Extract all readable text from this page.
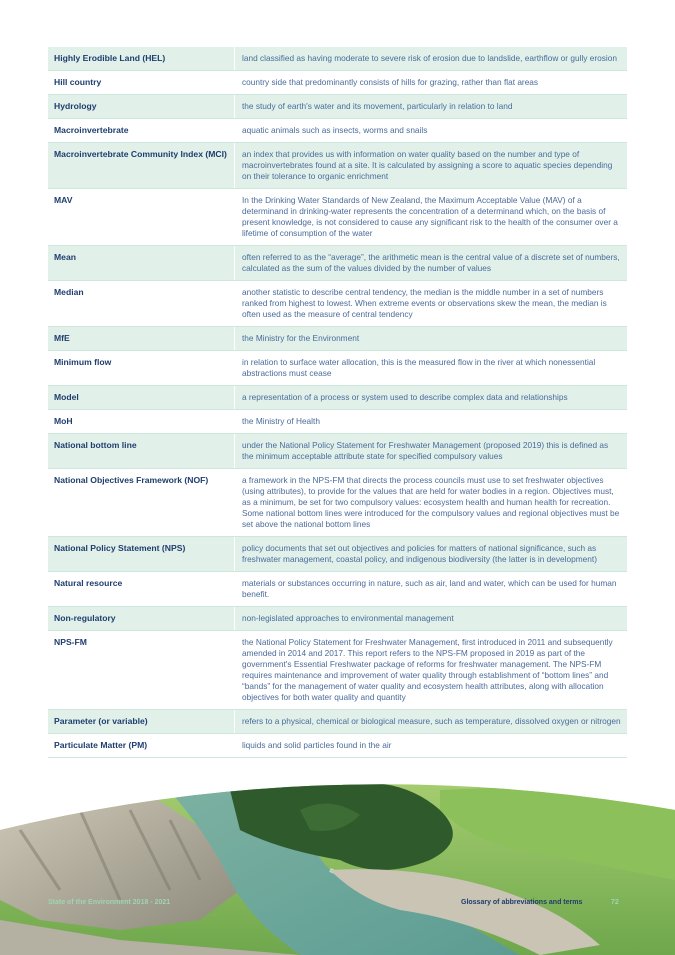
Highly Erodible Land (HEL)	land classified as having moderate to severe risk of erosion due to landslide, earthflow or gully erosion
Hill country	country side that predominantly consists of hills for grazing, rather than flat areas
Hydrology	the study of earth's water and its movement, particularly in relation to land
Macroinvertebrate	aquatic animals such as insects, worms and snails
Macroinvertebrate Community Index (MCI)	an index that provides us with information on water quality based on the number and type of macroinvertebrates found at a site. It is calculated by assigning a score to aquatic species depending on their tolerance to organic enrichment
MAV	In the Drinking Water Standards of New Zealand, the Maximum Acceptable Value (MAV) of a determinand in drinking-water represents the concentration of a determinand which, on the basis of present knowledge, is not considered to cause any significant risk to the health of the consumer over a lifetime of consumption of the water
Mean	often referred to as the “average”, the arithmetic mean is the central value of a discrete set of numbers, calculated as the sum of the values divided by the number of values
Median	another statistic to describe central tendency, the median is the middle number in a set of numbers ranked from highest to lowest. When extreme events or observations skew the mean, the median is often used as the measure of central tendency
MfE	the Ministry for the Environment
Minimum flow	in relation to surface water allocation, this is the measured flow in the river at which nonessential abstractions must cease
Model	a representation of a process or system used to describe complex data and relationships
MoH	the Ministry of Health
National bottom line	under the National Policy Statement for Freshwater Management (proposed 2019) this is defined as the minimum acceptable attribute state for specified compulsory values
National Objectives Framework (NOF)	a framework in the NPS-FM that directs the process councils must use to set freshwater objectives (using attributes), to provide for the values that are held for water bodies in a region. Objectives must, as a minimum, be set for two compulsory values: ecosystem health and human health for recreation. Some national bottom lines were introduced for the compulsory values and regional objectives must be set above the national bottom lines
National Policy Statement (NPS)	policy documents that set out objectives and policies for matters of national significance, such as freshwater management, coastal policy, and indigenous biodiversity (the latter is in development)
Natural resource	materials or substances occurring in nature, such as air, land and water, which can be used for human benefit.
Non-regulatory	non-legislated approaches to environmental management
NPS-FM	the National Policy Statement for Freshwater Management, first introduced in 2011 and subsequently amended in 2014 and 2017. This report refers to the NPS-FM proposed in 2019 as part of the government's Essential Freshwater package of reforms for freshwater management. The NPS-FM requires maintenance and improvement of water quality through establishment of “bottom lines” and “bands” for the management of water quality and ecosystem health attributes, along with allocation objectives for both water quality and quantity
Parameter (or variable)	refers to a physical, chemical or biological measure, such as temperature, dissolved oxygen or nitrogen
Particulate Matter (PM)	liquids and solid particles found in the air
State of the Environment 2018 - 2021	Glossary of abbreviations and terms	72
